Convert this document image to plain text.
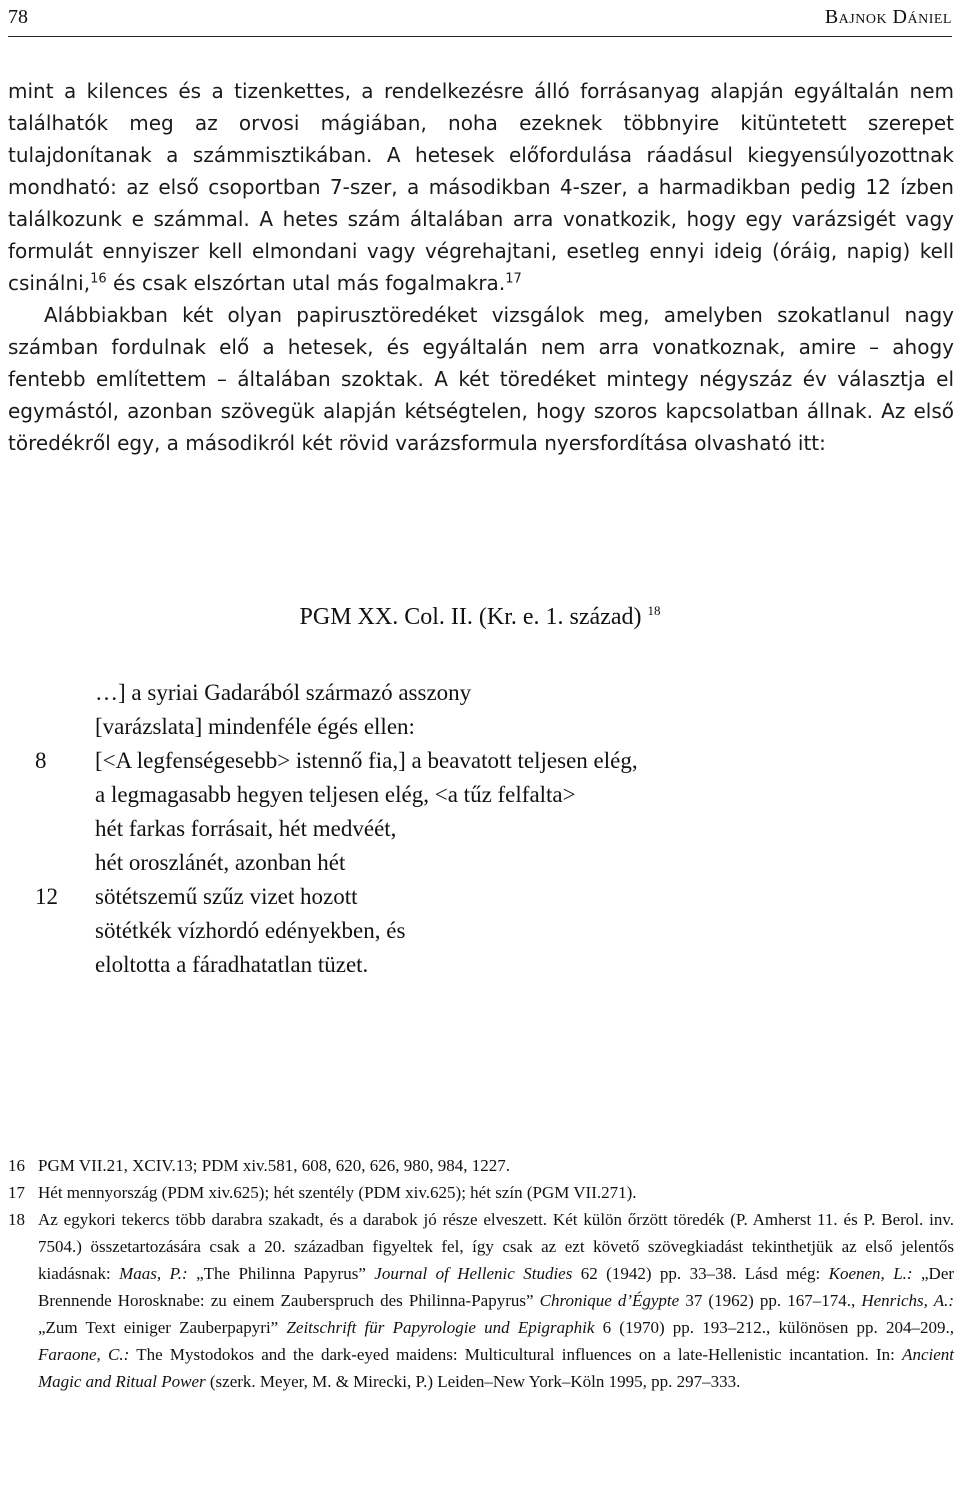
78	Bajnok Dániel

mint a kilences és a tizenkettes, a rendelkezésre álló forrásanyag alapján egyáltalán nem találhatók meg az orvosi mágiában, noha ezeknek többnyire kitüntetett szerepet tulajdonítanak a számmisztikában. A hetesek előfordulása ráadásul kiegyensúlyozottnak mondható: az első csoportban 7-szer, a másodikban 4-szer, a harmadikban pedig 12 ízben találkozunk e számmal. A hetes szám általában arra vonatkozik, hogy egy varázsigét vagy formulát ennyiszer kell elmondani vagy végrehajtani, esetleg ennyi ideig (óráig, napig) kell csinálni,$^{16}$ és csak elszórtan utal más fogalmakra.$^{17}$

Alábbiakban két olyan papirusztöredéket vizsgálok meg, amelyben szokatlanul nagy számban fordulnak elő a hetesek, és egyáltalán nem arra vonatkoznak, amire – ahogy fentebb említettem – általában szoktak. A két töredéket mintegy négyszáz év választja el egymástól, azonban szövegük alapján kétségtelen, hogy szoros kapcsolatban állnak. Az első töredékről egy, a másodikról két rövid varázsformula nyersfordítása olvasható itt:

PGM XX. Col. II. (Kr. e. 1. század) $^{18}$
…] a syriai Gadarából származó asszony
[varázslata] mindenféle égés ellen:
8 [<A legfenségesebb> istennő fia,] a beavatott teljesen elég,
a legmagasabb hegyen teljesen elég, <a tűz felfalta>
hét farkas forrásait, hét medvéét,
hét oroszlánét, azonban hét
12 sötétszemű szűz vizet hozott
sötétkék vízhordó edényekben, és
eloltotta a fáradhatatlan tüzet.
16 PGM VII.21, XCIV.13; PDM xiv.581, 608, 620, 626, 980, 984, 1227.
17 Hét mennyország (PDM xiv.625); hét szentély (PDM xiv.625); hét szín (PGM VII.271).
18 Az egykori tekercs több darabra szakadt, és a darabok jó része elveszett. Két külön őrzött töredék (P. Amherst 11. és P. Berol. inv. 7504.) összetartozására csak a 20. században figyeltek fel, így csak az ezt követő szövegkiadást tekinthetjük az első jelentős kiadásnak: Maas, P.: „The Philinna Papyrus” Journal of Hellenic Studies 62 (1942) pp. 33–38. Lásd még: Koenen, L.: „Der Brennende Horosknabe: zu einem Zauberspruch des Philinna-Papyrus” Chronique d’Égypte 37 (1962) pp. 167–174., Henrichs, A.: „Zum Text einiger Zauberpapyri” Zeitschrift für Papyrologie und Epigraphik 6 (1970) pp. 193–212., különösen pp. 204–209., Faraone, C.: The Mystodokos and the dark-eyed maidens: Multicultural influences on a late-Hellenistic incantation. In: Ancient Magic and Ritual Power (szerk. Meyer, M. & Mirecki, P.) Leiden–New York–Köln 1995, pp. 297–333.
